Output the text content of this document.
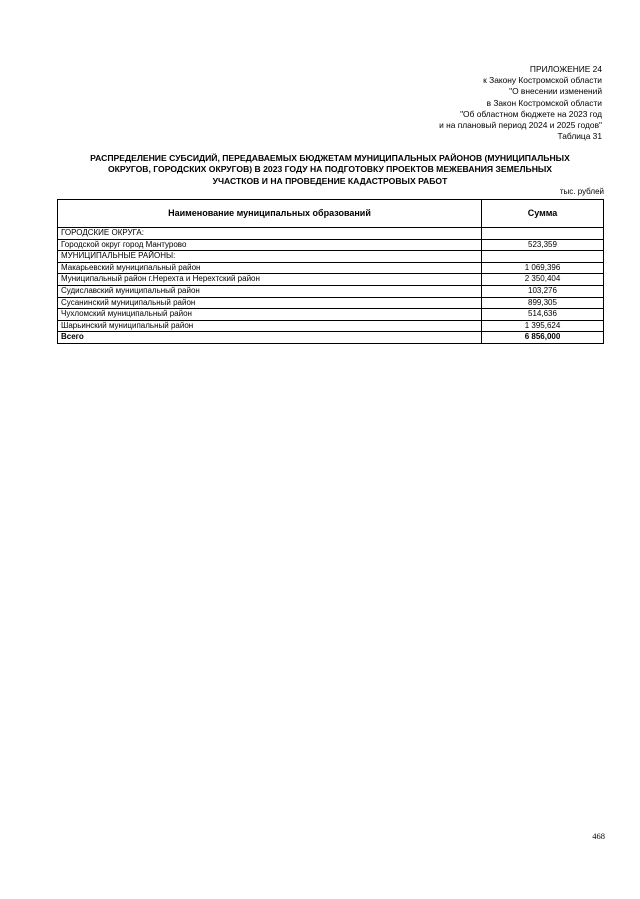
ПРИЛОЖЕНИЕ 24
к Закону Костромской области
"О внесении изменений
в Закон Костромской области
"Об областном бюджете на 2023 год
и на плановый период 2024 и 2025 годов"
Таблица 31
РАСПРЕДЕЛЕНИЕ СУБСИДИЙ, ПЕРЕДАВАЕМЫХ БЮДЖЕТАМ МУНИЦИПАЛЬНЫХ РАЙОНОВ (МУНИЦИПАЛЬНЫХ
ОКРУГОВ, ГОРОДСКИХ ОКРУГОВ) В 2023 ГОДУ НА ПОДГОТОВКУ ПРОЕКТОВ МЕЖЕВАНИЯ ЗЕМЕЛЬНЫХ
УЧАСТКОВ И НА ПРОВЕДЕНИЕ КАДАСТРОВЫХ РАБОТ
тыс. рублей
Наименование муниципальных образований	Сумма
ГОРОДСКИЕ ОКРУГА:	
Городской округ город Мантурово	523,359
МУНИЦИПАЛЬНЫЕ РАЙОНЫ:	
Макарьевский муниципальный район	1 069,396
Муниципальный район г.Нерехта и Нерехтский район	2 350,404
Судиславский муниципальный район	103,276
Сусанинский муниципальный район	899,305
Чухломский муниципальный район	514,636
Шарьинский муниципальный район	1 395,624
Всего	6 856,000
468
